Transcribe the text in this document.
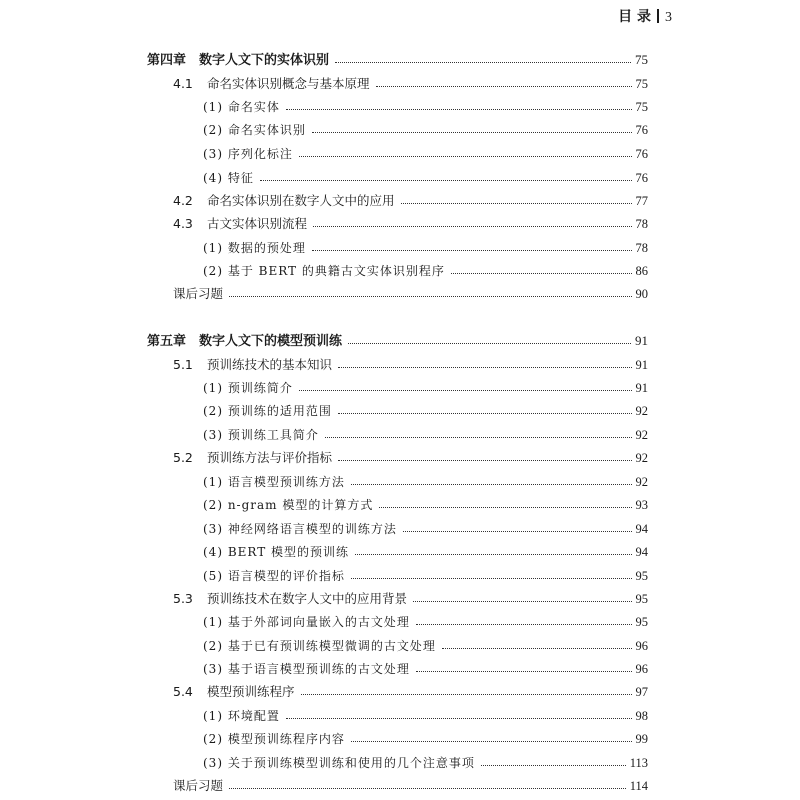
目 录 3
第四章　数字人文下的实体识别	75
4.1 命名实体识别概念与基本原理	75
(1) 命名实体	75
(2) 命名实体识别	76
(3) 序列化标注	76
(4) 特征	76
4.2 命名实体识别在数字人文中的应用	77
4.3 古文实体识别流程	78
(1) 数据的预处理	78
(2) 基于 BERT 的典籍古文实体识别程序	86
课后习题	90
第五章　数字人文下的模型预训练	91
5.1 预训练技术的基本知识	91
(1) 预训练简介	91
(2) 预训练的适用范围	92
(3) 预训练工具简介	92
5.2 预训练方法与评价指标	92
(1) 语言模型预训练方法	92
(2) n-gram 模型的计算方式	93
(3) 神经网络语言模型的训练方法	94
(4) BERT 模型的预训练	94
(5) 语言模型的评价指标	95
5.3 预训练技术在数字人文中的应用背景	95
(1) 基于外部词向量嵌入的古文处理	95
(2) 基于已有预训练模型微调的古文处理	96
(3) 基于语言模型预训练的古文处理	96
5.4 模型预训练程序	97
(1) 环境配置	98
(2) 模型预训练程序内容	99
(3) 关于预训练模型训练和使用的几个注意事项	113
课后习题	114
